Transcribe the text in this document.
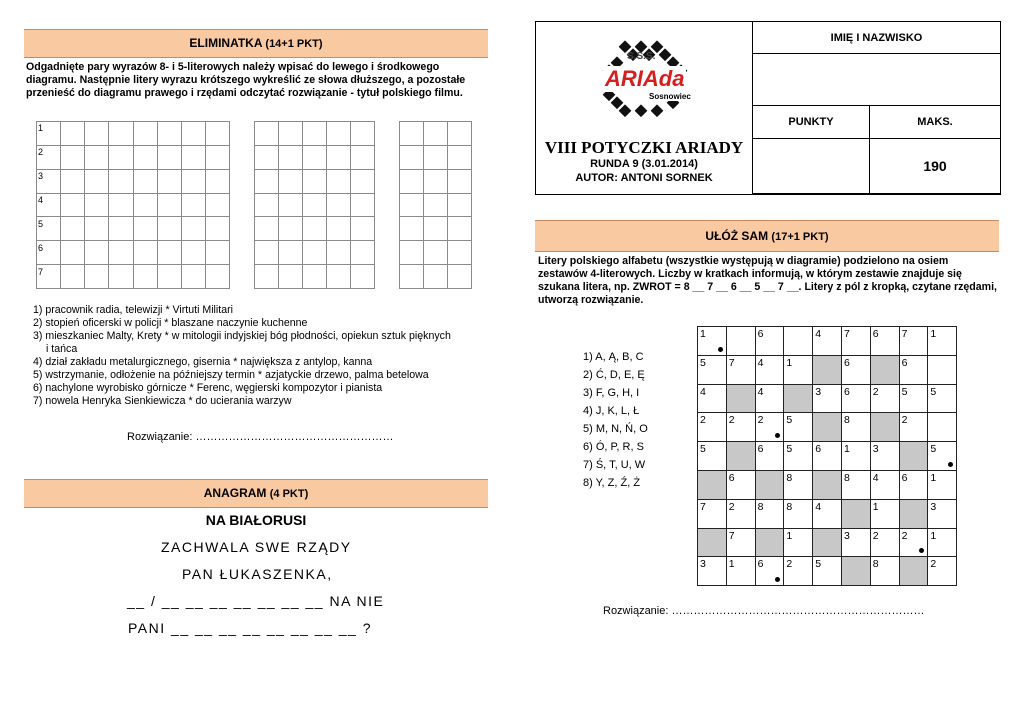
ELIMINATKA (14+1 PKT)
Odgadnięte pary wyrazów 8- i 5-literowych należy wpisać do lewego i środkowego diagramu. Następnie litery wyrazu krótszego wykreślić ze słowa dłuższego, a pozostałe przenieść do diagramu prawego i rzędami odczytać rozwiązanie - tytuł polskiego filmu.

1
2
3
4
5
6
7

1) pracownik radia, telewizji * Virtuti Militari
2) stopień oficerski w policji * blaszane naczynie kuchenne
3) mieszkaniec Malty, Krety * w mitologii indyjskiej bóg płodności, opiekun sztuk pięknych
i tańca
4) dział zakładu metalurgicznego, gisernia * największa z antylop, kanna
5) wstrzymanie, odłożenie na późniejszy termin * azjatyckie drzewo, palma betelowa
6) nachylone wyrobisko górnicze * Ferenc, węgierski kompozytor i pianista
7) nowela Henryka Sienkiewicza * do ucierania warzyw
Rozwiązanie: ………………………………………………
ANAGRAM (4 PKT)
NA BIAŁORUSI
ZACHWALA SWE RZĄDY
PAN ŁUKASZENKA,
__ / __ __ __ __ __ __ __ NA NIE
PANI __ __ __ __ __ __ __ __ ?
S.S.S.
ARIAda
Sosnowiec
VIII POTYCZKI ARIADY
RUNDA 9 (3.01.2014)
AUTOR: ANTONI SORNEK
IMIĘ I NAZWISKO
PUNKTY	MAKS.
190
UŁÓŻ SAM (17+1 PKT)
Litery polskiego alfabetu (wszystkie występują w diagramie) podzielono na osiem zestawów 4-literowych. Liczby w kratkach informują, w którym zestawie znajduje się szukana litera, np. ZWROT = 8 __ 7 __ 6 __ 5 __ 7 __. Litery z pól z kropką, czytane rzędami, utworzą rozwiązanie.
1) A, Ą, B, C
2) Ć, D, E, Ę
3) F, G, H, I
4) J, K, L, Ł
5) M, N, Ń, O
6) Ó, P, R, S
7) Ś, T, U, W
8) Y, Z, Ź, Ż
1		6		4	7	6	7	1

5	7	4	1		6		6	

4		4		3	6	2	5	5

2	2	2	5		8		2	

5		6	5	6	1	3		5

	6		8		8	4	6	1

7	2	8	8	4		1		3

	7		1		3	2	2	1

3	1	6	2	5		8		2
Rozwiązanie: ……………………………………………………………
